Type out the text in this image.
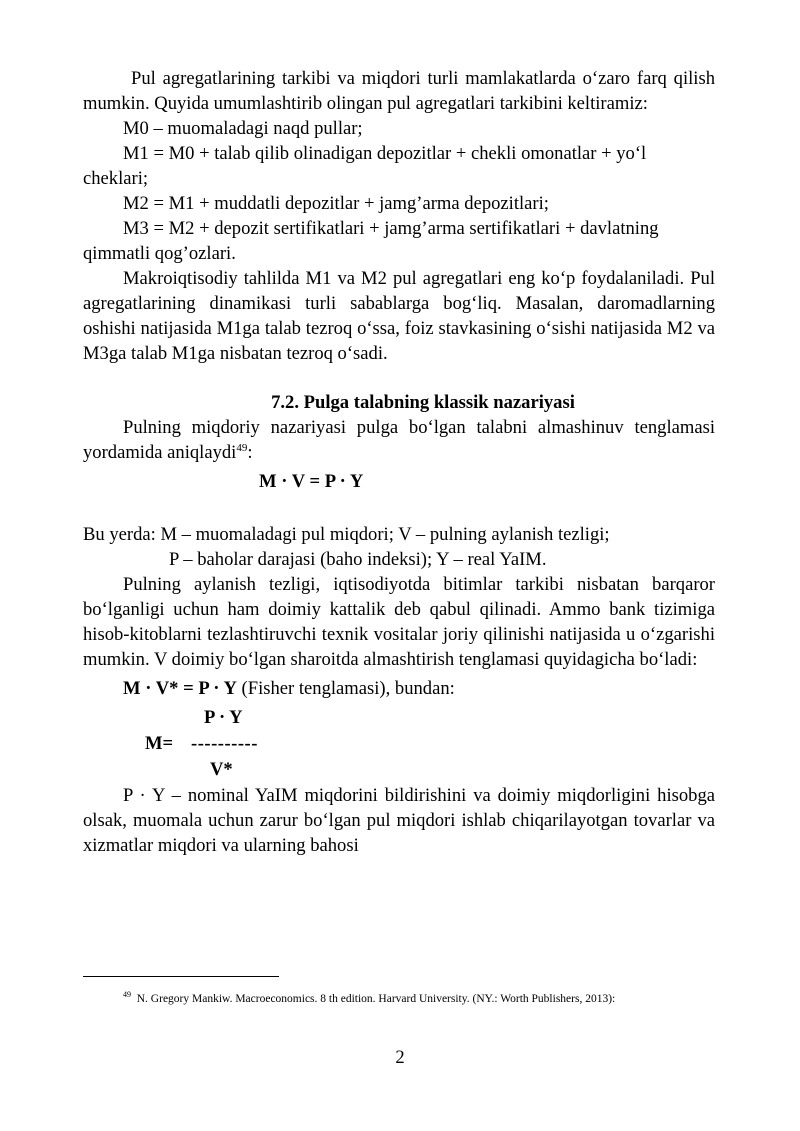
Pul agregatlarining tarkibi va miqdori turli mamlakatlarda o‘zaro farq qilish mumkin. Quyida umumlashtirib olingan pul agregatlari tarkibini keltiramiz:

M0 – muomaladagi naqd pullar;

M1 = M0 + talab qilib olinadigan depozitlar + chekli omonatlar + yo‘l cheklari;

M2 = M1 + muddatli depozitlar + jamg’arma depozitlari;

M3 = M2 + depozit sertifikatlari + jamg’arma sertifikatlari + davlatning qimmatli qog’ozlari.

Makroiqtisodiy tahlilda M1 va M2 pul agregatlari eng ko‘p foydalaniladi. Pul agregatlarining dinamikasi turli sabablarga bog‘liq. Masalan, daromadlarning oshishi natijasida M1ga talab tezroq o‘ssa, foiz stavkasining o‘sishi natijasida M2 va M3ga talab M1ga nisbatan tezroq o‘sadi.

7.2. Pulga talabning klassik nazariyasi

Pulning miqdoriy nazariyasi pulga bo‘lgan talabni almashinuv tenglamasi yordamida aniqlaydi$^{49}$:

M · V = P · Y

Bu yerda: M – muomaladagi pul miqdori; V – pulning aylanish tezligi;

P – baholar darajasi (baho indeksi); Y – real YaIM.

Pulning aylanish tezligi, iqtisodiyotda bitimlar tarkibi nisbatan barqaror bo‘lganligi uchun ham doimiy kattalik deb qabul qilinadi. Ammo bank tizimiga hisob-kitoblarni tezlashtiruvchi texnik vositalar joriy qilinishi natijasida u o‘zgarishi mumkin. V doimiy bo‘lgan sharoitda almashtirish tenglamasi quyidagicha bo‘ladi:

M · V* = P · Y (Fisher tenglamasi), bundan:

P · Y
M= ----------
V*

P · Y – nominal YaIM miqdorini bildirishini va doimiy miqdorligini hisobga olsak, muomala uchun zarur bo‘lgan pul miqdori ishlab chiqarilayotgan tovarlar va xizmatlar miqdori va ularning bahosi

$^{49}$ N. Gregory Mankiw. Macroeconomics. 8 th edition. Harvard University. (NY.: Worth Publishers, 2013):
2
